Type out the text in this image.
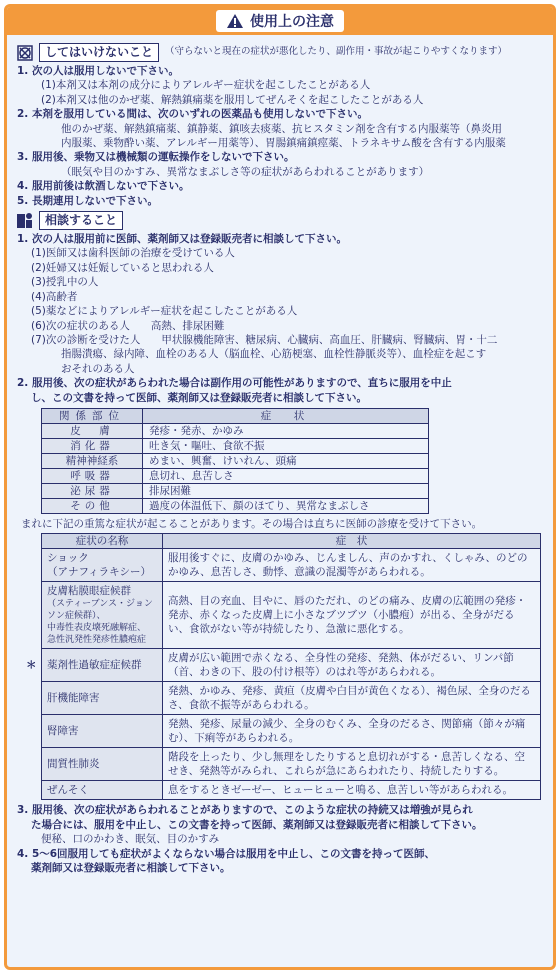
使用上の注意
してはいけないこと	（守らないと現在の症状が悪化したり、副作用・事故が起こりやすくなります）
1. 次の人は服用しないで下さい。
(1)本剤又は本剤の成分によりアレルギー症状を起こしたことがある人
(2)本剤又は他のかぜ薬、解熱鎮痛薬を服用してぜんそくを起こしたことがある人
2. 本剤を服用している間は、次のいずれの医薬品も使用しないで下さい。
他のかぜ薬、解熱鎮痛薬、鎮静薬、鎮咳去痰薬、抗ヒスタミン剤を含有する内服薬等（鼻炎用
内服薬、乗物酔い薬、アレルギー用薬等）、胃腸鎮痛鎮痙薬、トラネキサム酸を含有する内服薬
3. 服用後、乗物又は機械類の運転操作をしないで下さい。
（眠気や目のかすみ、異常なまぶしさ等の症状があらわれることがあります）
4. 服用前後は飲酒しないで下さい。
5. 長期連用しないで下さい。
相談すること
1. 次の人は服用前に医師、薬剤師又は登録販売者に相談して下さい。
(1)医師又は歯科医師の治療を受けている人
(2)妊婦又は妊娠していると思われる人
(3)授乳中の人
(4)高齢者
(5)薬などによりアレルギー症状を起こしたことがある人
(6)次の症状のある人　　高熱、排尿困難
(7)次の診断を受けた人　　甲状腺機能障害、糖尿病、心臓病、高血圧、肝臓病、腎臓病、胃・十二
指腸潰瘍、緑内障、血栓のある人（脳血栓、心筋梗塞、血栓性静脈炎等）、血栓症を起こす
おそれのある人
2. 服用後、次の症状があらわれた場合は副作用の可能性がありますので、直ちに服用を中止
し、この文書を持って医師、薬剤師又は登録販売者に相談して下さい。
関係部位	症　状
皮　膚	発疹・発赤、かゆみ
消化器	吐き気・嘔吐、食欲不振
精神神経系	めまい、興奮、けいれん、頭痛
呼吸器	息切れ、息苦しさ
泌尿器	排尿困難
その他	過度の体温低下、顔のほてり、異常なまぶしさ
まれに下記の重篤な症状が起こることがあります。その場合は直ちに医師の診療を受けて下さい。
症状の名称	症　状

ショック
（アナフィラキシー）	服用後すぐに、皮膚のかゆみ、じんましん、声のかすれ、くしゃみ、のどのかゆみ、息苦しさ、動悸、意識の混濁等があらわれる。

皮膚粘膜眼症候群
（スティーブンス・ジョンソン症候群）、
中毒性表皮壊死融解症、
急性汎発性発疹性膿疱症	高熱、目の充血、目やに、唇のただれ、のどの痛み、皮膚の広範囲の発疹・発赤、赤くなった皮膚上に小さなブツブツ（小膿疱）が出る、全身がだるい、食欲がない等が持続したり、急激に悪化する。

＊ 薬剤性過敏症症候群	皮膚が広い範囲で赤くなる、全身性の発疹、発熱、体がだるい、リンパ節（首、わきの下、股の付け根等）のはれ等があらわれる。
肝機能障害	発熱、かゆみ、発疹、黄疸（皮膚や白目が黄色くなる）、褐色尿、全身のだるさ、食欲不振等があらわれる。
腎障害	発熱、発疹、尿量の減少、全身のむくみ、全身のだるさ、関節痛（節々が痛む）、下痢等があらわれる。
間質性肺炎	階段を上ったり、少し無理をしたりすると息切れがする・息苦しくなる、空せき、発熱等がみられ、これらが急にあらわれたり、持続したりする。
ぜんそく	息をするときゼーゼー、ヒューヒューと鳴る、息苦しい等があらわれる。
3. 服用後、次の症状があらわれることがありますので、このような症状の持続又は増強が見られ
た場合には、服用を中止し、この文書を持って医師、薬剤師又は登録販売者に相談して下さい。
便秘、口のかわき、眠気、目のかすみ
4. 5～6回服用しても症状がよくならない場合は服用を中止し、この文書を持って医師、
薬剤師又は登録販売者に相談して下さい。
